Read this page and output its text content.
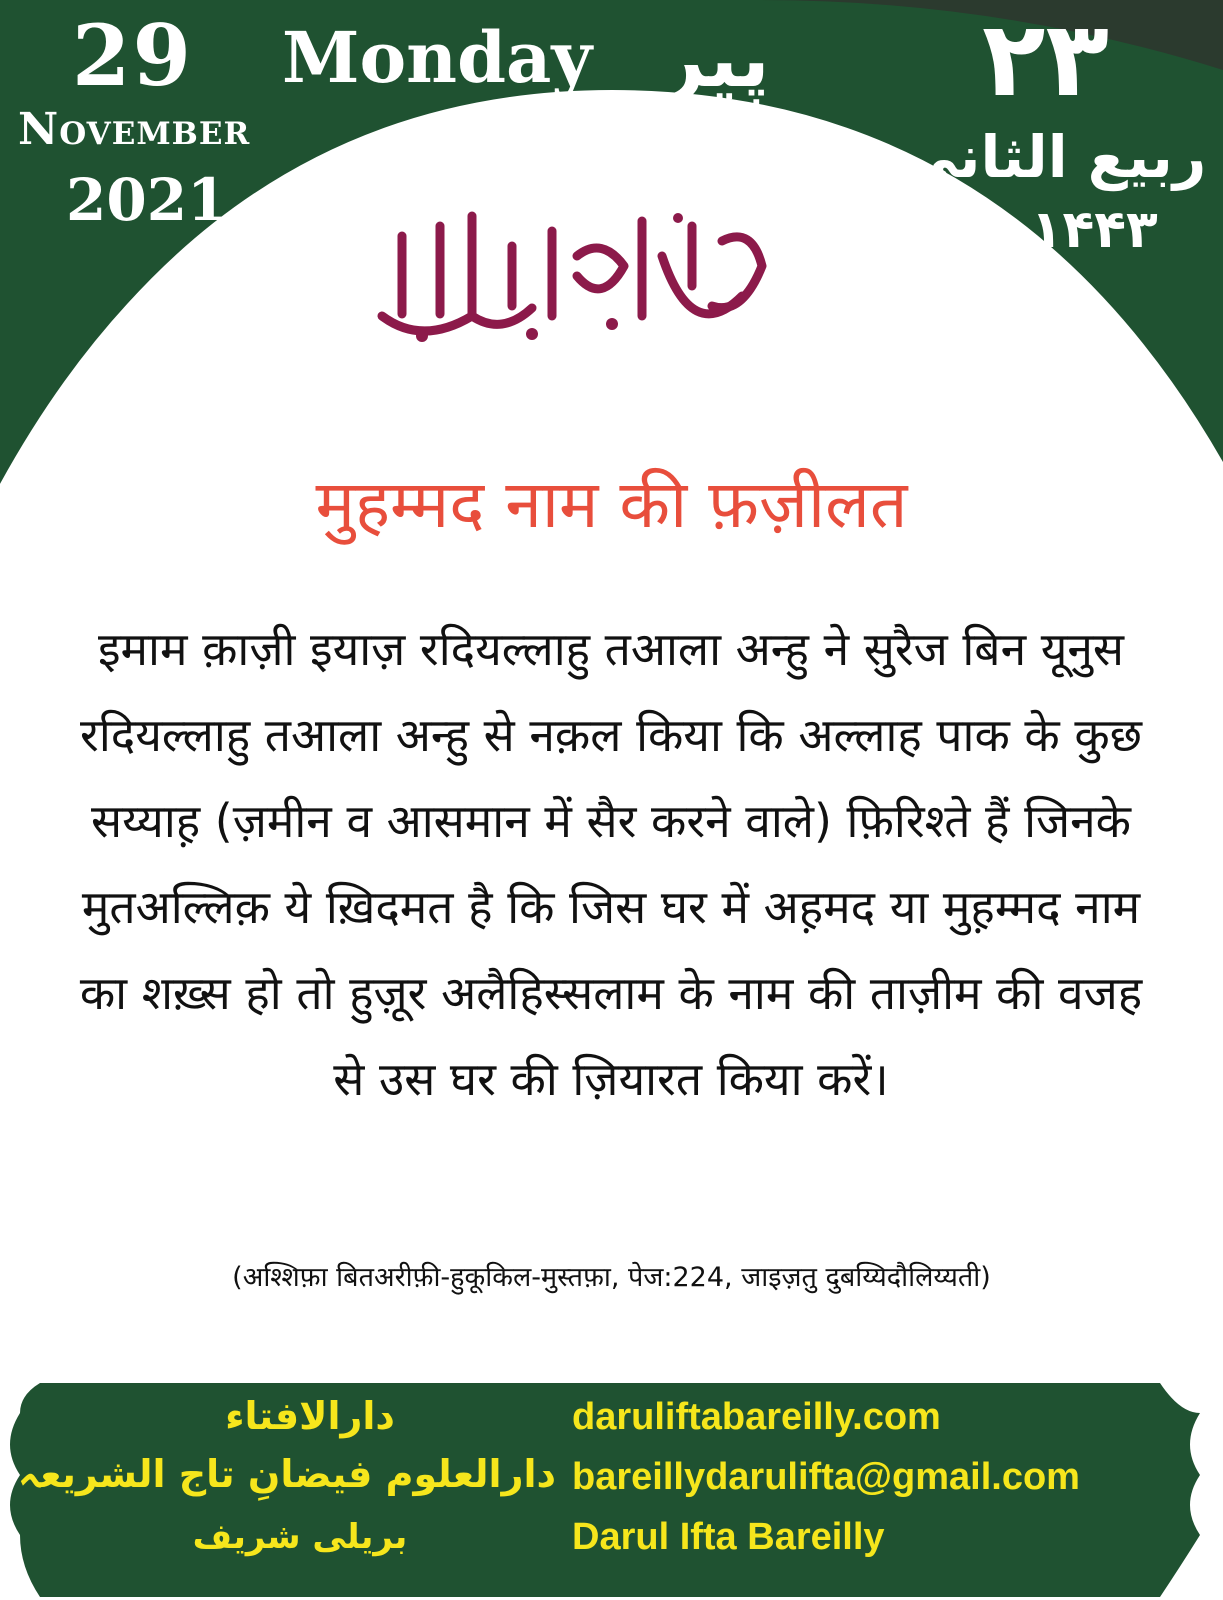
29 Monday
November
2021
پیر ۲۳
ربیع الثانی
۱۴۴۳ھ
मुहम्मद नाम की फ़ज़ीलत
इमाम क़ाज़ी इयाज़ रदियल्लाहु तआला अन्हु ने सुरैज बिन यूनुस रदियल्लाहु तआला अन्हु से नक़ल किया कि अल्लाह पाक के कुछ सय्याह़ (ज़मीन व आसमान में सैर करने वाले) फ़िरिश्ते हैं जिनके मुतअल्लिक़ ये ख़िदमत है कि जिस घर में अह़मद या मुह़म्मद नाम का शख़्स हो तो हुज़ूर अलैहिस्सलाम के नाम की ताज़ीम की वजह से उस घर की ज़ियारत किया करें।
(अश्शिफ़ा बितअरीफ़ी-हुकूकिल-मुस्तफ़ा, पेज:224, जाइज़तु दुबय्यिदौलिय्यती)
دارالافتاء
دارالعلوم فیضانِ تاج الشریعہ
بریلی شریف
daruliftabareilly.com
bareillydarulifta@gmail.com
Darul Ifta Bareilly
